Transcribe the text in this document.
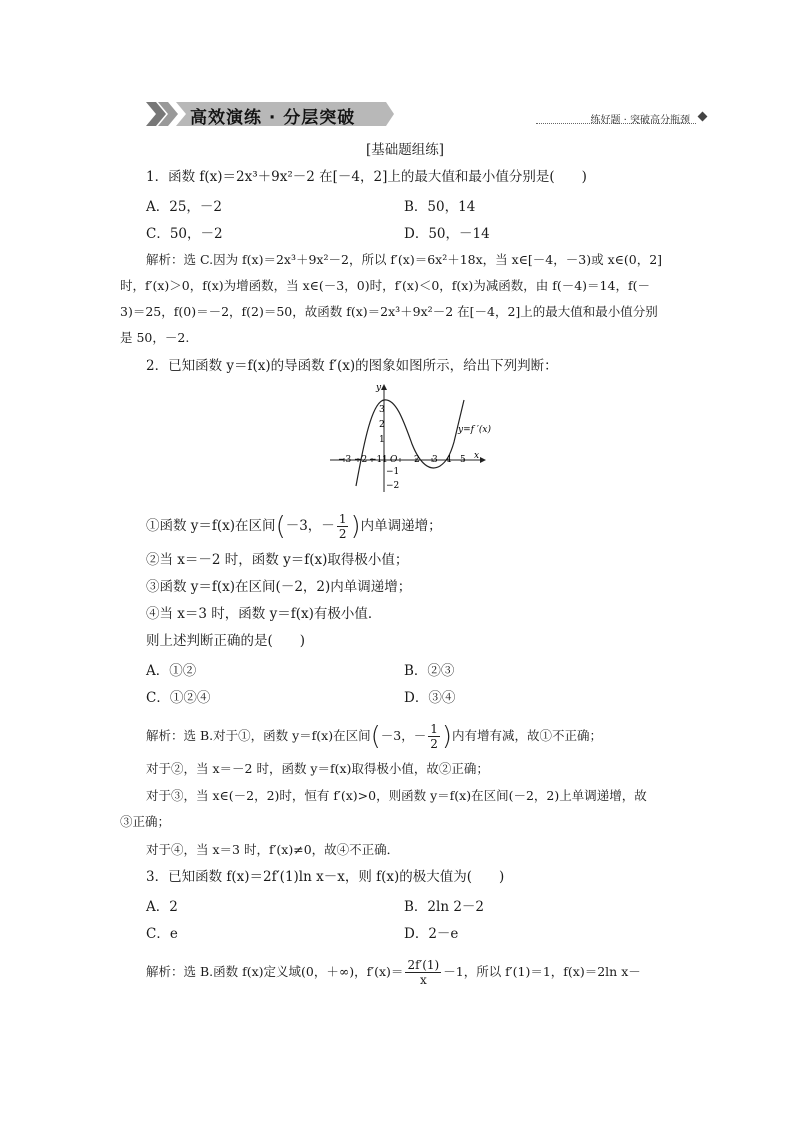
高效演练 · 分层突破	练好题 · 突破高分瓶颈
[基础题组练]
1．函数 f(x)＝2x³＋9x²－2 在[－4，2]上的最大值和最小值分别是(　　)
A．25，－2	B．50，14
C．50，－2	D．50，－14
解析：选 C.因为 f(x)＝2x³＋9x²－2，所以 f′(x)＝6x²＋18x，当 x∈[－4，－3)或 x∈(0，2]
时，f′(x)＞0，f(x)为增函数，当 x∈(－3，0)时，f′(x)＜0，f(x)为减函数，由 f(－4)＝14，f(－
3)＝25，f(0)＝－2，f(2)＝50，故函数 f(x)＝2x³＋9x²－2 在[－4，2]上的最大值和最小值分别
是 50，－2.
2．已知函数 y＝f(x)的导函数 f′(x)的图象如图所示，给出下列判断：
y
x
y=f ′(x)
−3 −2 −1 1 O 2 3 4 5
3
2
1
−1
−2
①函数 y＝f(x)在区间(－3，－ $\frac{1}{2}$ )内单调递增；
②当 x＝－2 时，函数 y＝f(x)取得极小值；
③函数 y＝f(x)在区间(－2，2)内单调递增；
④当 x＝3 时，函数 y＝f(x)有极小值．
则上述判断正确的是(　　)
A．①②	B．②③
C．①②④	D．③④
解析：选 B.对于①，函数 y＝f(x)在区间(－3，－ $\frac{1}{2}$ )内有增有减，故①不正确；
对于②，当 x＝－2 时，函数 y＝f(x)取得极小值，故②正确；
对于③，当 x∈(－2，2)时，恒有 f′(x)>0，则函数 y＝f(x)在区间(－2，2)上单调递增，故
③正确；
对于④，当 x＝3 时，f′(x)≠0，故④不正确．
3．已知函数 f(x)＝2f′(1)ln x－x，则 f(x)的极大值为(　　)
A．2	B．2ln 2－2
C．e	D．2－e
解析：选 B.函数 f(x)定义域(0，＋∞)，$f'(x)= \frac{2f'(1)}{x} -1$，所以 f′(1)＝1，f(x)＝2ln x－
